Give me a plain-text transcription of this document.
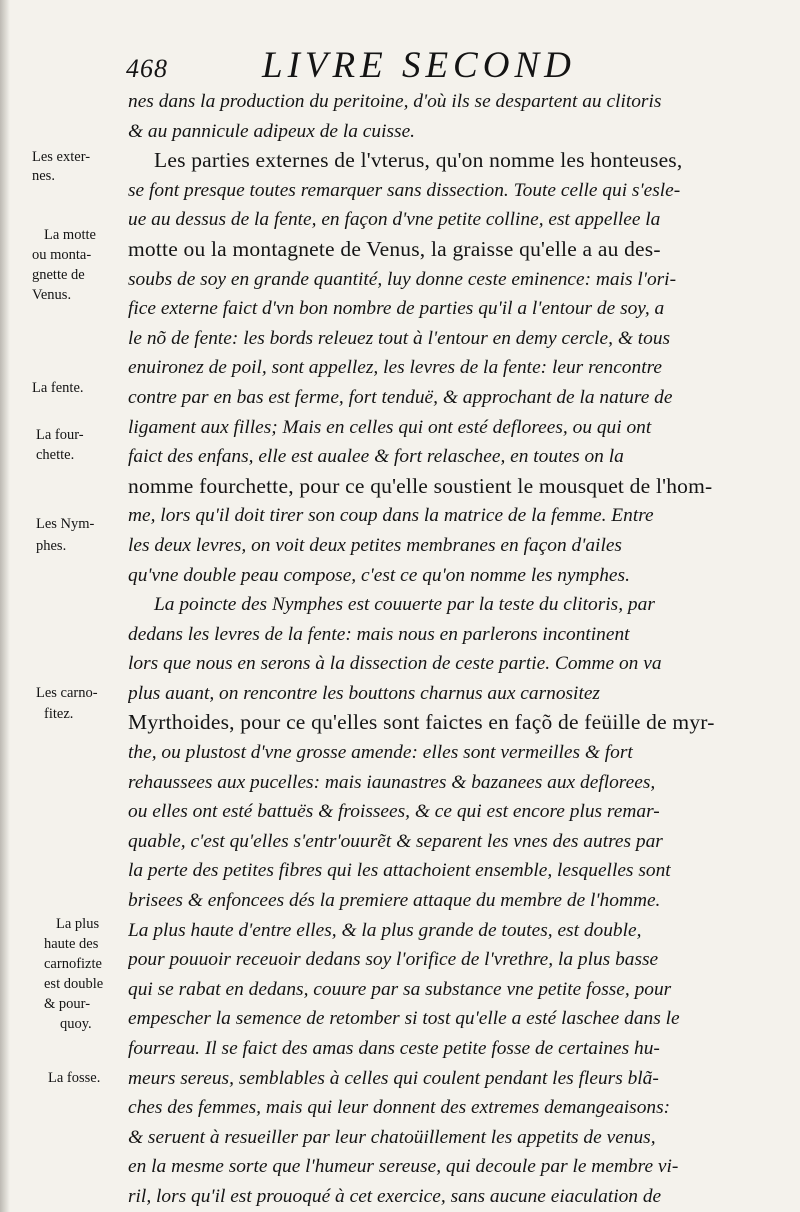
468	LIVRE SECOND
nes dans la production du peritoine, d'où ils se despartent au clitoris
& au pannicule adipeux de la cuisse.
Les parties externes de l'vterus, qu'on nomme les honteuses,
se font presque toutes remarquer sans dissection. Toute celle qui s'esle-
ue au dessus de la fente, en façon d'vne petite colline, est appellee la
motte ou la montagnete de Venus, la graisse qu'elle a au des-
soubs de soy en grande quantité, luy donne ceste eminence: mais l'ori-
fice externe faict d'vn bon nombre de parties qu'il a l'entour de soy, a
le nõ de fente: les bords releuez tout à l'entour en demy cercle, & tous
enuironez de poil, sont appellez, les levres de la fente: leur rencontre
contre par en bas est ferme, fort tenduë, & approchant de la nature de
ligament aux filles; Mais en celles qui ont esté deflorees, ou qui ont
faict des enfans, elle est aualee & fort relaschee, en toutes on la
nomme fourchette, pour ce qu'elle soustient le mousquet de l'hom-
me, lors qu'il doit tirer son coup dans la matrice de la femme. Entre
les deux levres, on voit deux petites membranes en façon d'ailes
qu'vne double peau compose, c'est ce qu'on nomme les nymphes.
La poincte des Nymphes est couuerte par la teste du clitoris, par
dedans les levres de la fente: mais nous en parlerons incontinent
lors que nous en serons à la dissection de ceste partie. Comme on va
plus auant, on rencontre les bouttons charnus aux carnositez
Myrthoides, pour ce qu'elles sont faictes en façõ de feüille de myr-
the, ou plustost d'vne grosse amende: elles sont vermeilles & fort
rehaussees aux pucelles: mais iaunastres & bazanees aux deflorees,
ou elles ont esté battuës & froissees, & ce qui est encore plus remar-
quable, c'est qu'elles s'entr'ouurẽt & separent les vnes des autres par
la perte des petites fibres qui les attachoient ensemble, lesquelles sont
brisees & enfoncees dés la premiere attaque du membre de l'homme.
La plus haute d'entre elles, & la plus grande de toutes, est double,
pour pouuoir receuoir dedans soy l'orifice de l'vrethre, la plus basse
qui se rabat en dedans, couure par sa substance vne petite fosse, pour
empescher la semence de retomber si tost qu'elle a esté laschee dans le
fourreau. Il se faict des amas dans ceste petite fosse de certaines hu-
meurs sereus, semblables à celles qui coulent pendant les fleurs blã-
ches des femmes, mais qui leur donnent des extremes demangeaisons:
& seruent à resueiller par leur chatoüillement les appetits de venus,
en la mesme sorte que l'humeur sereuse, qui decoule par le membre vi-
ril, lors qu'il est prouoqué à cet exercice, sans aucune eiaculation de
Les exter-
nes.
La motte
ou monta-
gnette de
Venus.
La fente.
La four-
chette.
Les Nym-
phes.
Les carno-
fitez.
La plus
haute des
carnofizte
est double
& pour-
quoy.
La fosse.
